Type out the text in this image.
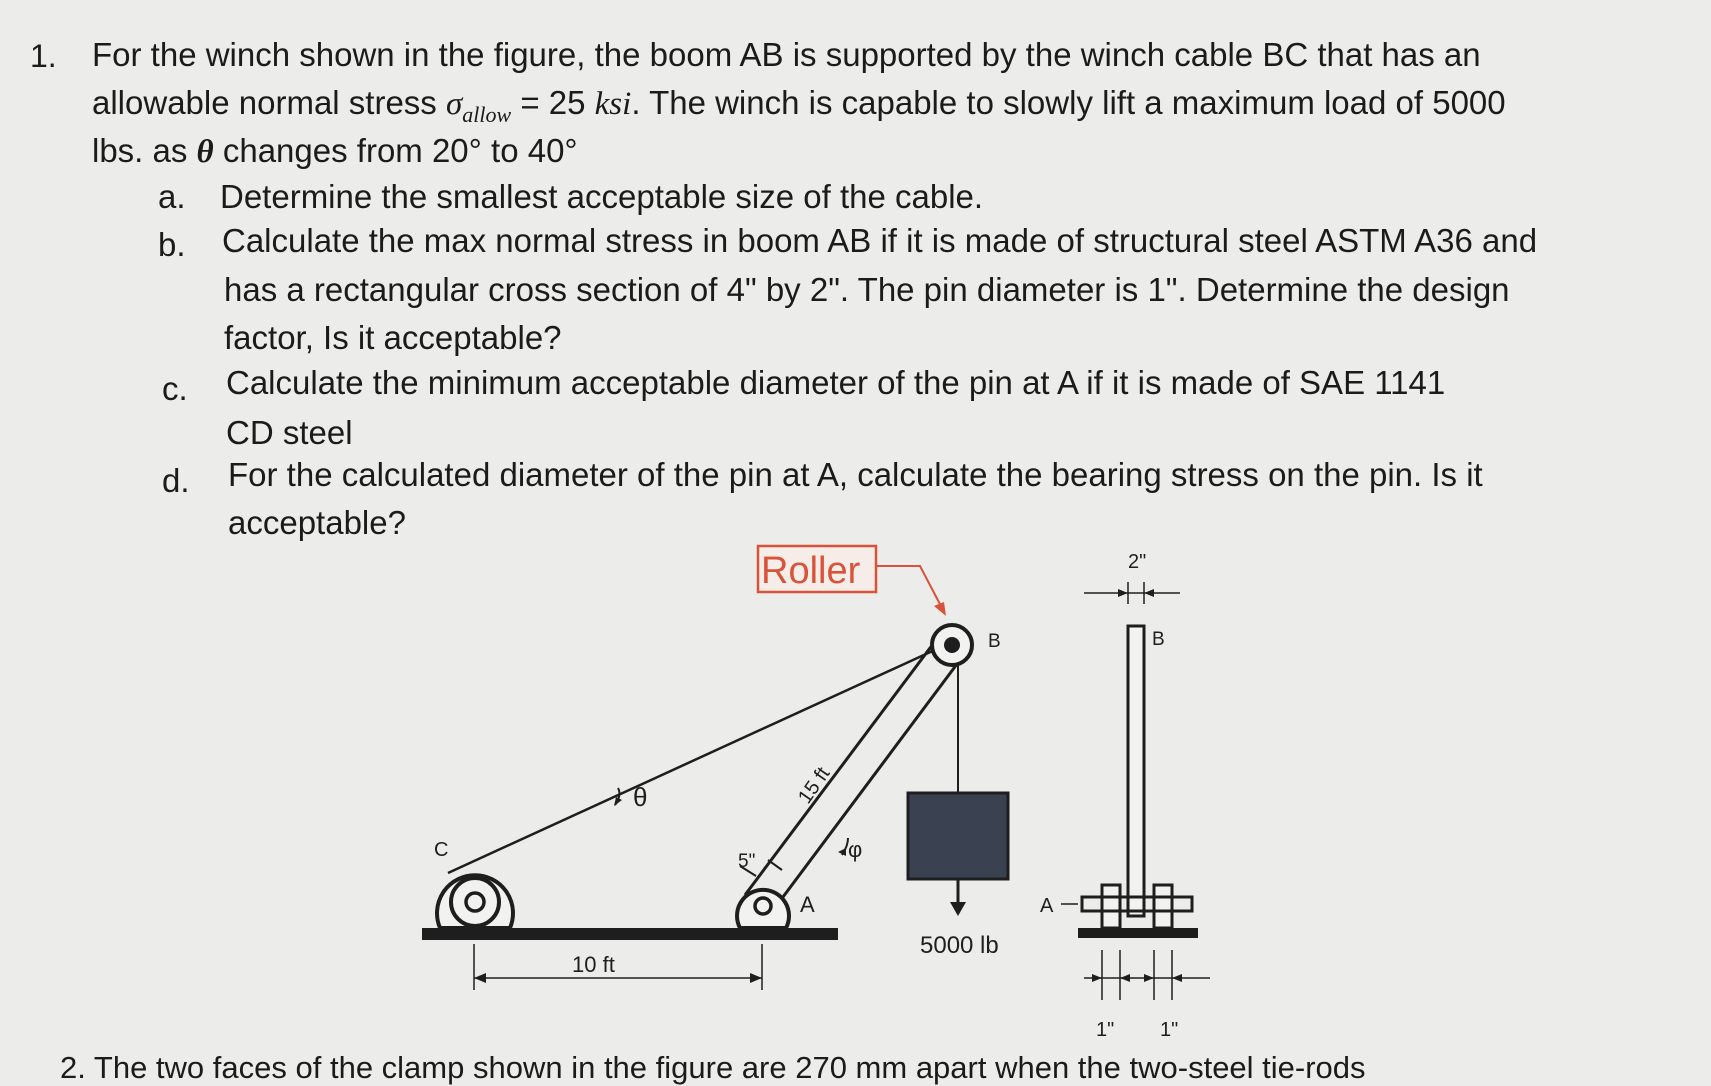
1. For the winch shown in the figure, the boom AB is supported by the winch cable BC that has an
allowable normal stress $\sigma_{allow} = 25$ ksi. The winch is capable to slowly lift a maximum load of 5000
lbs. as θ changes from 20° to 40°
a. Determine the smallest acceptable size of the cable.
b. Calculate the max normal stress in boom AB if it is made of structural steel ASTM A36 and
has a rectangular cross section of 4" by 2". The pin diameter is 1". Determine the design
factor, Is it acceptable?
c. Calculate the minimum acceptable diameter of the pin at A if it is made of SAE 1141
CD steel
d. For the calculated diameter of the pin at A, calculate the bearing stress on the pin. Is it
acceptable?
Roller
B
C
A
θ
φ
15 ft
5"
10 ft
5000 lb
B
A
2"
1" 1"
2. The two faces of the clamp shown in the figure are 270 mm apart when the two-steel tie-rods
